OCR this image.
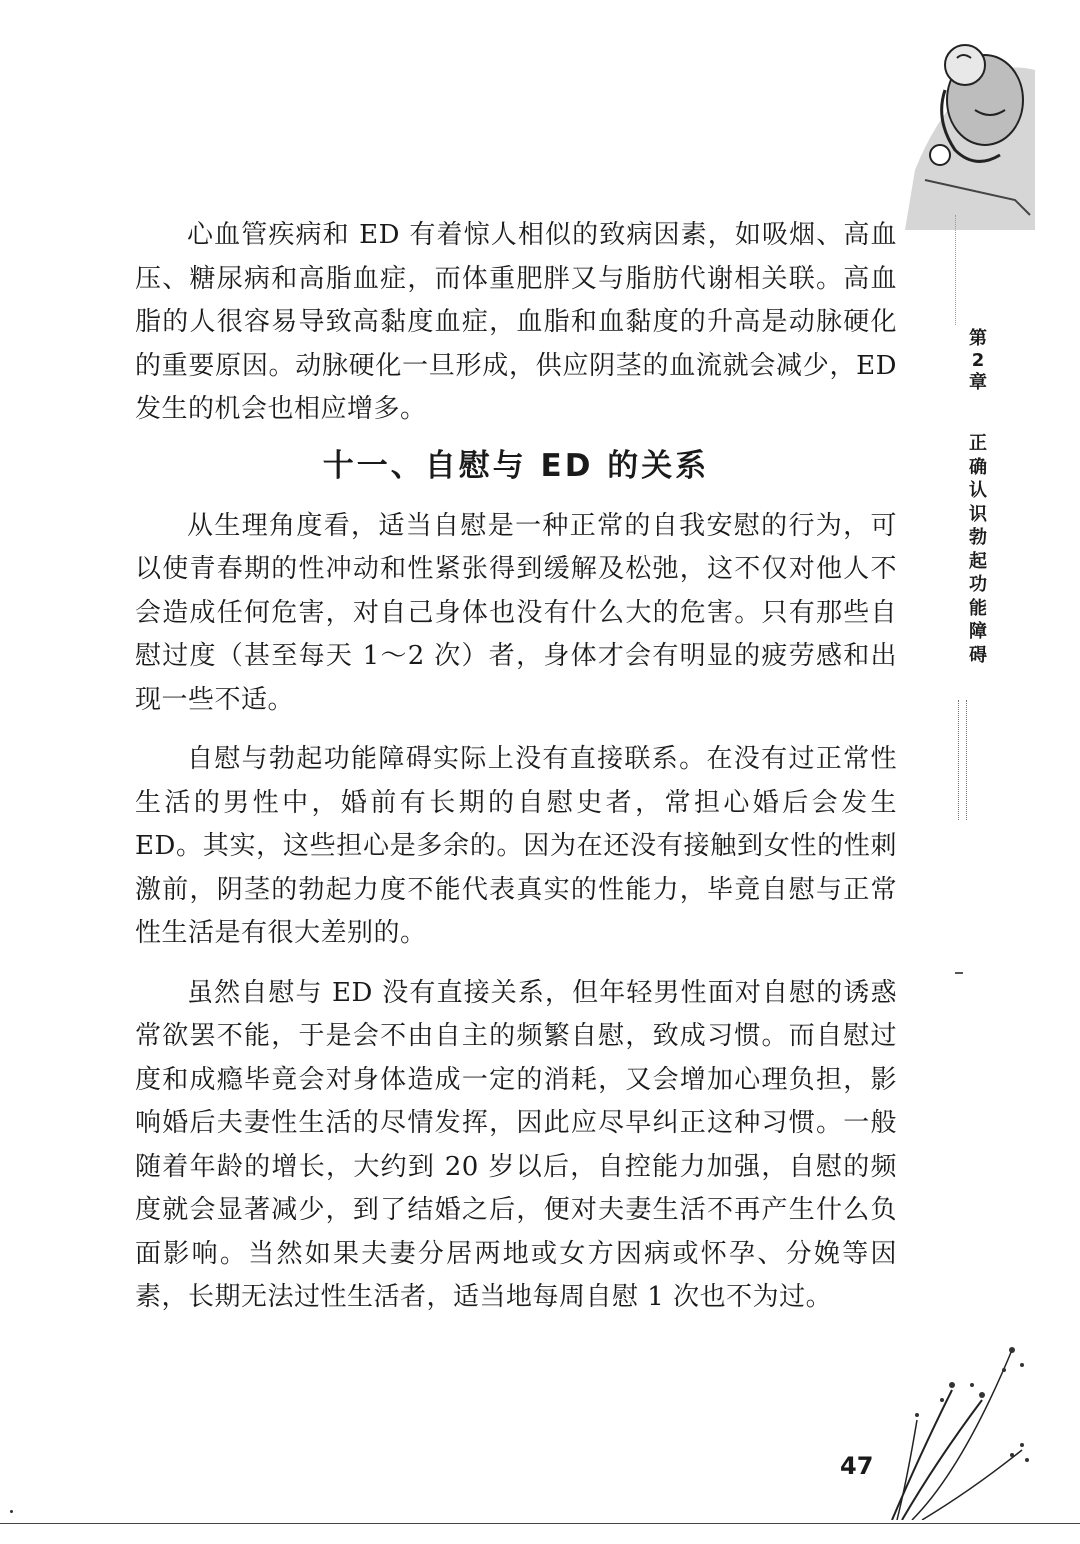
第
2
章
正
确
认
识
勃
起
功
能
障
碍

心血管疾病和 ED 有着惊人相似的致病因素，如吸烟、高血压、糖尿病和高脂血症，而体重肥胖又与脂肪代谢相关联。高血脂的人很容易导致高黏度血症，血脂和血黏度的升高是动脉硬化的重要原因。动脉硬化一旦形成，供应阴茎的血流就会减少，ED 发生的机会也相应增多。

十一、自慰与 ED 的关系

从生理角度看，适当自慰是一种正常的自我安慰的行为，可以使青春期的性冲动和性紧张得到缓解及松弛，这不仅对他人不会造成任何危害，对自己身体也没有什么大的危害。只有那些自慰过度（甚至每天 1～2 次）者，身体才会有明显的疲劳感和出现一些不适。

自慰与勃起功能障碍实际上没有直接联系。在没有过正常性生活的男性中，婚前有长期的自慰史者，常担心婚后会发生 ED。其实，这些担心是多余的。因为在还没有接触到女性的性刺激前，阴茎的勃起力度不能代表真实的性能力，毕竟自慰与正常性生活是有很大差别的。

虽然自慰与 ED 没有直接关系，但年轻男性面对自慰的诱惑常欲罢不能，于是会不由自主的频繁自慰，致成习惯。而自慰过度和成瘾毕竟会对身体造成一定的消耗，又会增加心理负担，影响婚后夫妻性生活的尽情发挥，因此应尽早纠正这种习惯。一般随着年龄的增长，大约到 20 岁以后，自控能力加强，自慰的频度就会显著减少，到了结婚之后，便对夫妻生活不再产生什么负面影响。当然如果夫妻分居两地或女方因病或怀孕、分娩等因素，长期无法过性生活者，适当地每周自慰 1 次也不为过。

47
